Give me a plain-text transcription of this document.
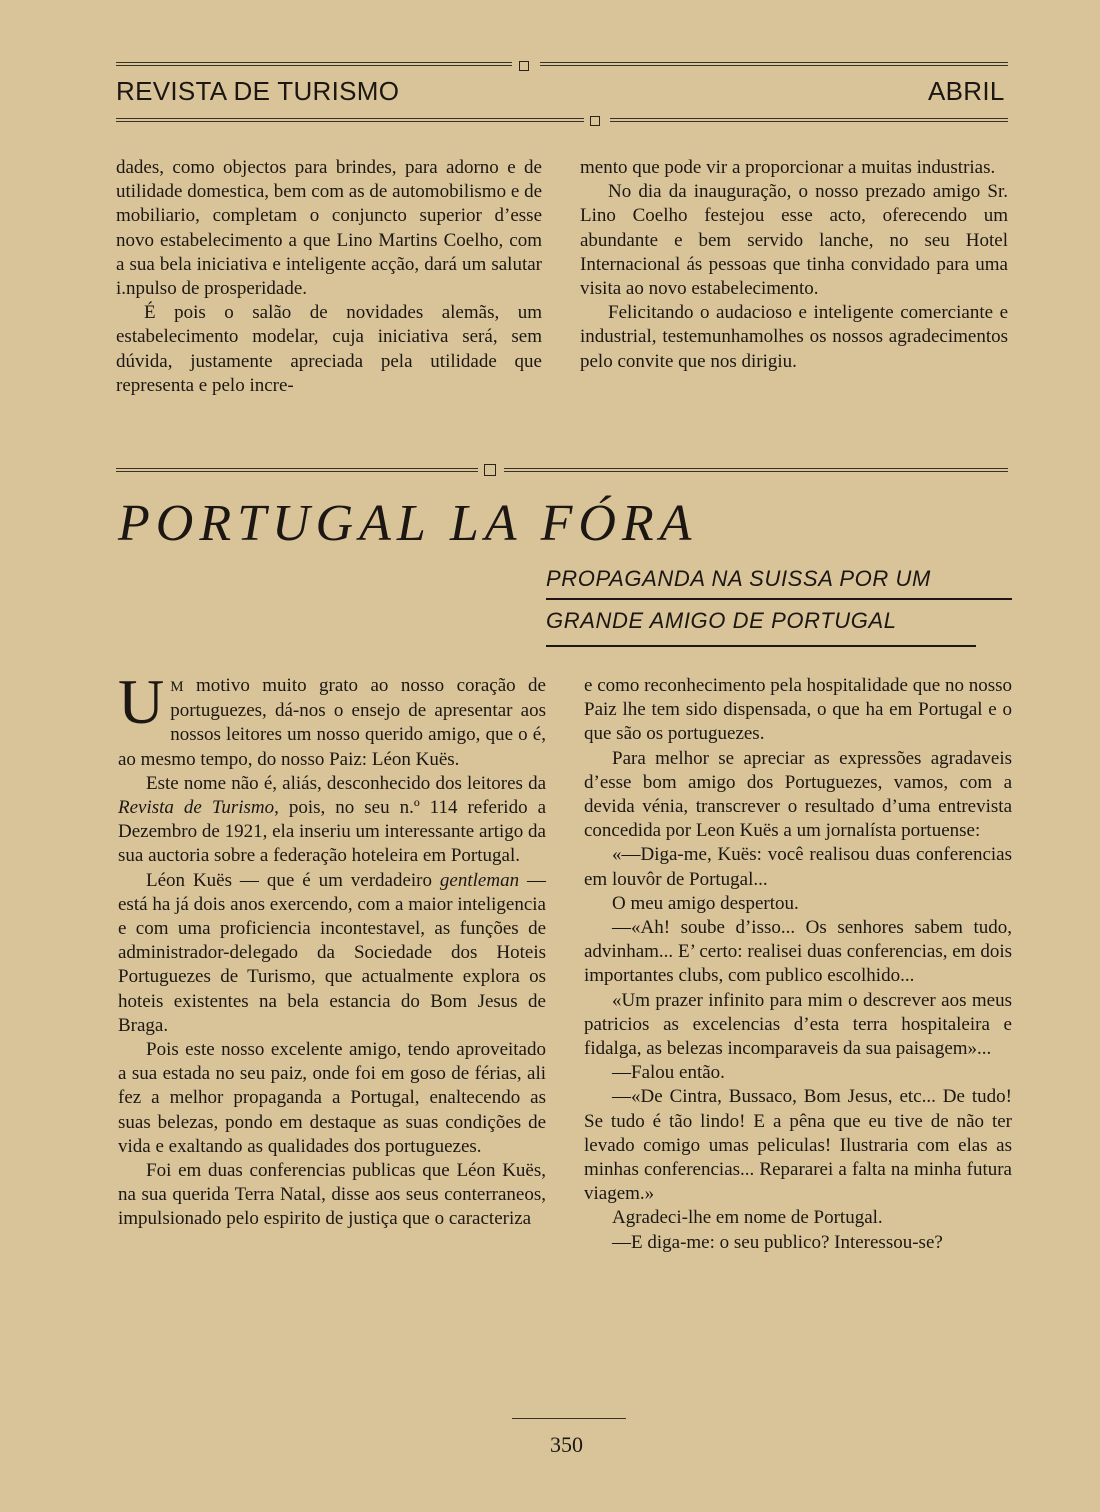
REVISTA DE TURISMO	ABRIL

dades, como objectos para brindes, para adorno e de utilidade domestica, bem com as de automobilismo e de mobiliario, completam o conjuncto superior d’esse novo estabelecimento a que Lino Martins Coelho, com a sua bela iniciativa e inteligente acção, dará um salutar i.npulso de prosperidade.

É pois o salão de novidades alemãs, um estabelecimento modelar, cuja iniciativa será, sem dúvida, justamente apreciada pela utilidade que representa e pelo incre-

mento que pode vir a proporcionar a muitas industrias.

No dia da inauguração, o nosso prezado amigo Sr. Lino Coelho festejou esse acto, oferecendo um abundante e bem servido lanche, no seu Hotel Internacional ás pessoas que tinha convidado para uma visita ao novo estabelecimento.

Felicitando o audacioso e inteligente comerciante e industrial, testemunhamolhes os nossos agradecimentos pelo convite que nos dirigiu.

PORTUGAL LA FÓRA
PROPAGANDA NA SUISSA POR UM
GRANDE AMIGO DE PORTUGAL

U M motivo muito grato ao nosso coração de portuguezes, dá-nos o ensejo de apresentar aos nossos leitores um nosso querido amigo, que o é, ao mesmo tempo, do nosso Paiz: Léon Kuës.

Este nome não é, aliás, desconhecido dos leitores da Revista de Turismo, pois, no seu n.º 114 referido a Dezembro de 1921, ela inseriu um interessante artigo da sua auctoria sobre a federação hoteleira em Portugal.

Léon Kuës — que é um verdadeiro gentleman — está ha já dois anos exercendo, com a maior inteligencia e com uma proficiencia incontestavel, as funções de administrador-delegado da Sociedade dos Hoteis Portuguezes de Turismo, que actualmente explora os hoteis existentes na bela estancia do Bom Jesus de Braga.

Pois este nosso excelente amigo, tendo aproveitado a sua estada no seu paiz, onde foi em goso de férias, ali fez a melhor propaganda a Portugal, enaltecendo as suas belezas, pondo em destaque as suas condições de vida e exaltando as qualidades dos portuguezes.

Foi em duas conferencias publicas que Léon Kuës, na sua querida Terra Natal, disse aos seus conterraneos, impulsionado pelo espirito de justiça que o caracteriza

e como reconhecimento pela hospitalidade que no nosso Paiz lhe tem sido dispensada, o que ha em Portugal e o que são os portuguezes.

Para melhor se apreciar as expressões agradaveis d’esse bom amigo dos Portuguezes, vamos, com a devida vénia, transcrever o resultado d’uma entrevista concedida por Leon Kuës a um jornalísta portuense:

«—Diga-me, Kuës: você realisou duas conferencias em louvôr de Portugal...

O meu amigo despertou.

—«Ah! soube d’isso... Os senhores sabem tudo, advinham... E’ certo: realisei duas conferencias, em dois importantes clubs, com publico escolhido...

«Um prazer infinito para mim o descrever aos meus patricios as excelencias d’esta terra hospitaleira e fidalga, as belezas incomparaveis da sua paisagem»...

—Falou então.

—«De Cintra, Bussaco, Bom Jesus, etc... De tudo! Se tudo é tão lindo! E a pêna que eu tive de não ter levado comigo umas peliculas! Ilustraria com elas as minhas conferencias... Repararei a falta na minha futura viagem.»

Agradeci-lhe em nome de Portugal.

—E diga-me: o seu publico? Interessou-se?

350
